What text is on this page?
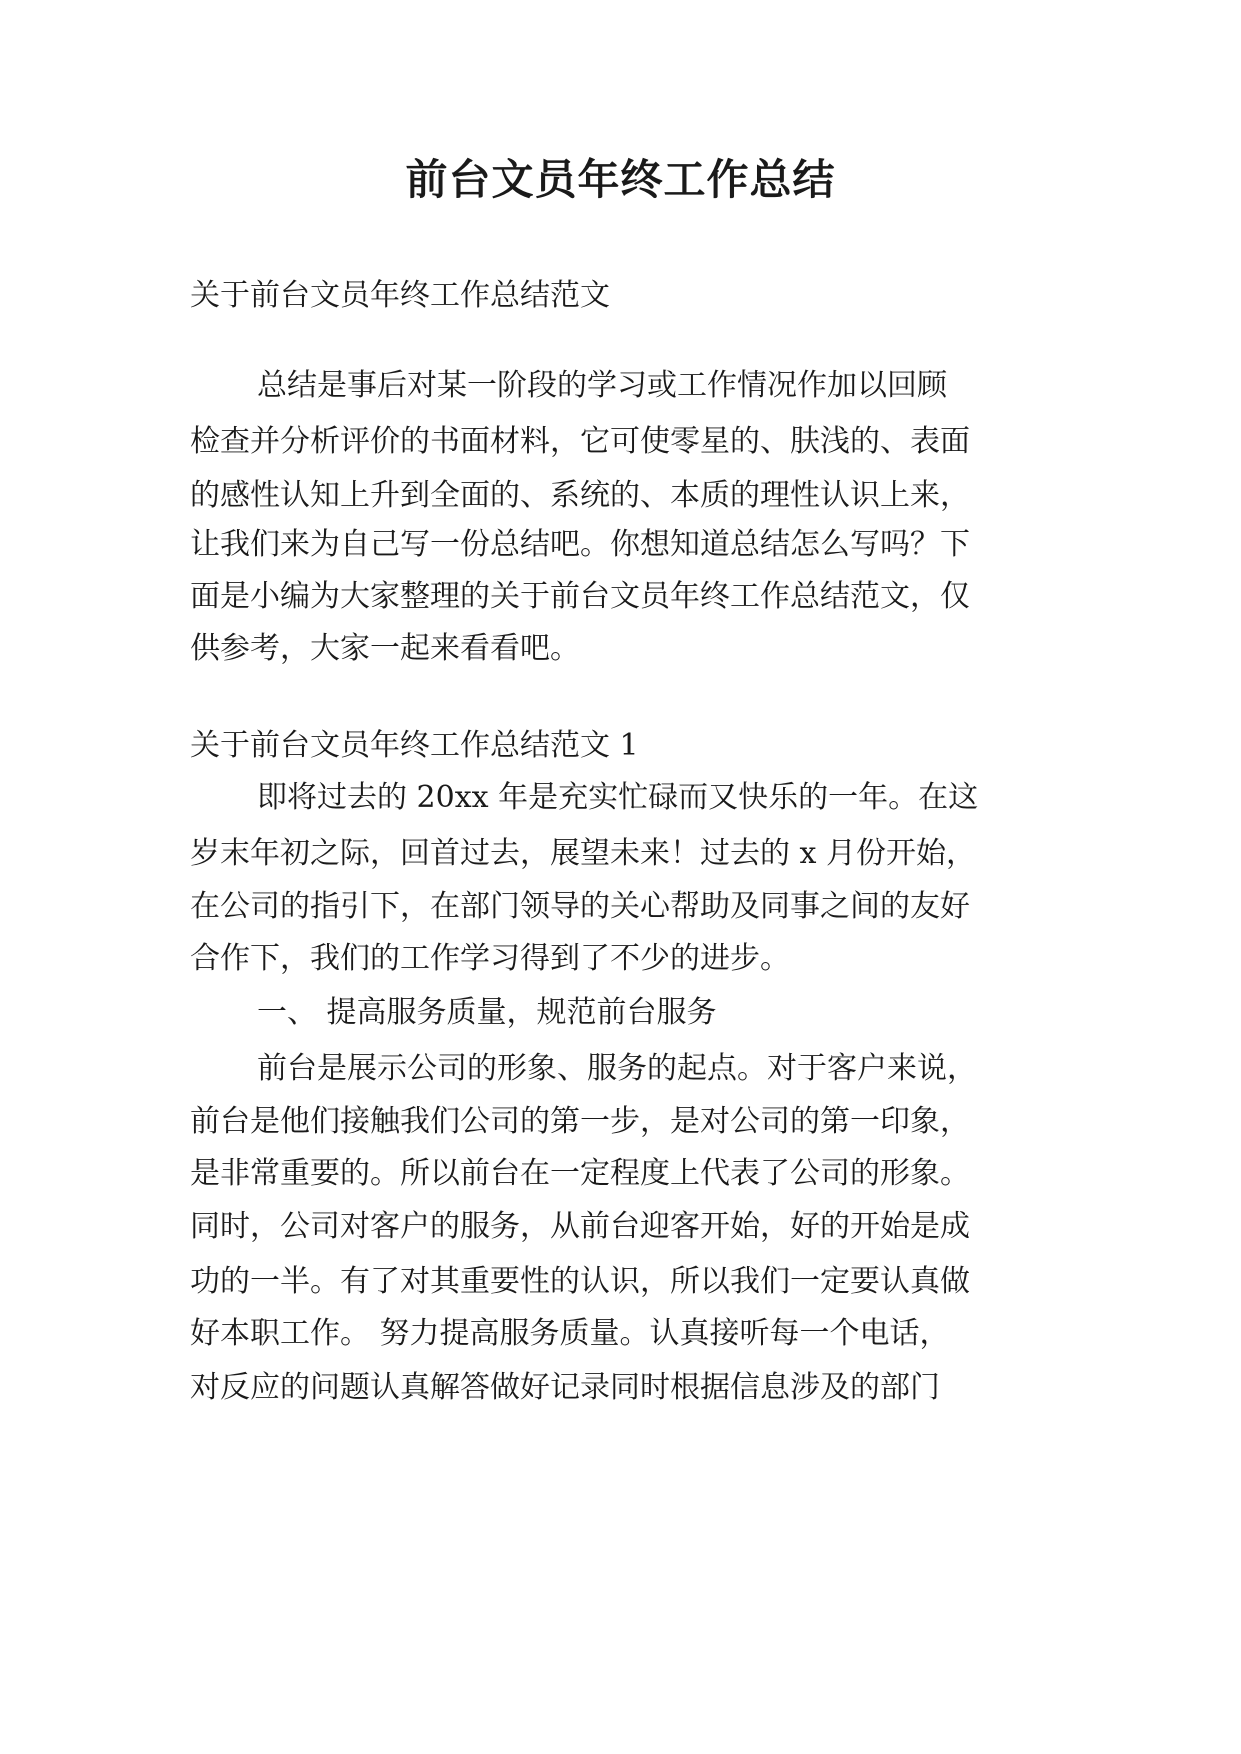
前台文员年终工作总结
关于前台文员年终工作总结范文
总结是事后对某一阶段的学习或工作情况作加以回顾
检查并分析评价的书面材料，它可使零星的、肤浅的、表面
的感性认知上升到全面的、系统的、本质的理性认识上来，
让我们来为自己写一份总结吧。你想知道总结怎么写吗？下
面是小编为大家整理的关于前台文员年终工作总结范文，仅
供参考，大家一起来看看吧。
关于前台文员年终工作总结范文 1
即将过去的 20xx 年是充实忙碌而又快乐的一年。在这
岁末年初之际，回首过去，展望未来！过去的 x 月份开始，
在公司的指引下，在部门领导的关心帮助及同事之间的友好
合作下，我们的工作学习得到了不少的进步。
一、 提高服务质量，规范前台服务
前台是展示公司的形象、服务的起点。对于客户来说，
前台是他们接触我们公司的第一步，是对公司的第一印象，
是非常重要的。所以前台在一定程度上代表了公司的形象。
同时，公司对客户的服务，从前台迎客开始，好的开始是成
功的一半。有了对其重要性的认识，所以我们一定要认真做
好本职工作。 努力提高服务质量。认真接听每一个电话，
对反应的问题认真解答做好记录同时根据信息涉及的部门
